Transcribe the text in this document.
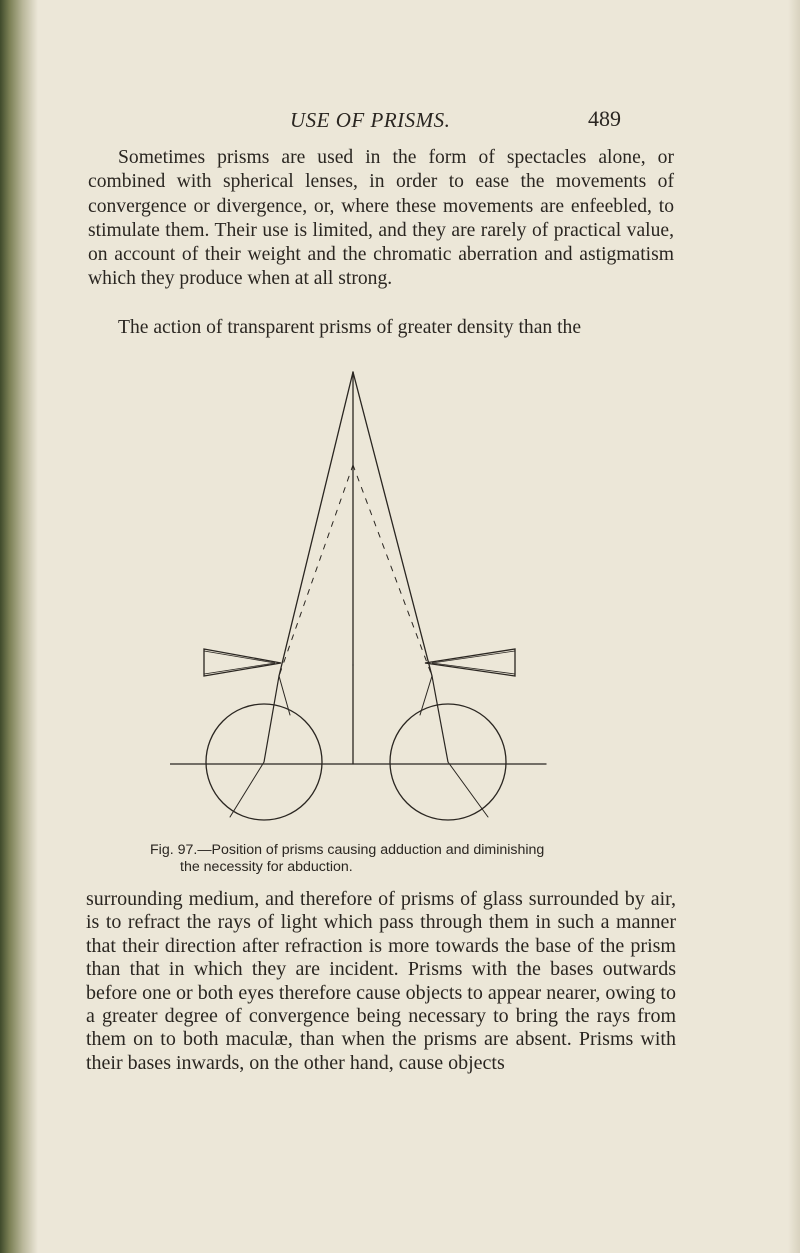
USE OF PRISMS.	489

Sometimes prisms are used in the form of spectacles alone, or combined with spherical lenses, in order to ease the movements of convergence or divergence, or, where these movements are enfeebled, to stimulate them. Their use is limited, and they are rarely of practical value, on account of their weight and the chromatic aberration and astigmatism which they produce when at all strong.

The action of transparent prisms of greater density than the

Fig. 97.—Position of prisms causing adduction and diminishing
the necessity for abduction.

surrounding medium, and therefore of prisms of glass surrounded by air, is to refract the rays of light which pass through them in such a manner that their direction after refraction is more towards the base of the prism than that in which they are incident. Prisms with the bases outwards before one or both eyes therefore cause objects to appear nearer, owing to a greater degree of convergence being necessary to bring the rays from them on to both maculæ, than when the prisms are absent. Prisms with their bases inwards, on the other hand, cause objects
